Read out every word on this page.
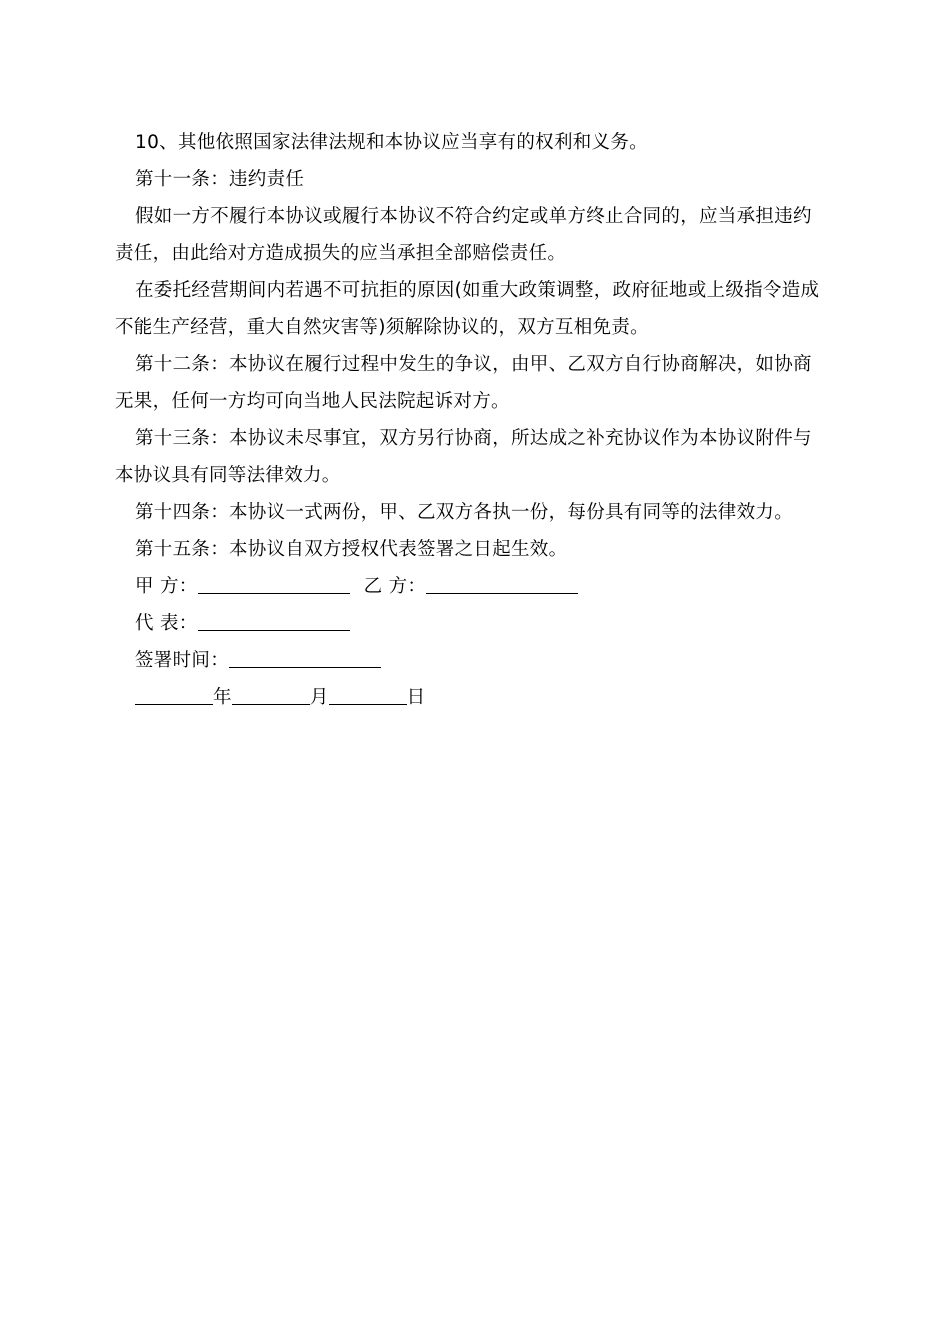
10、其他依照国家法律法规和本协议应当享有的权利和义务。
第十一条：违约责任
假如一方不履行本协议或履行本协议不符合约定或单方终止合同的，应当承担违约
责任，由此给对方造成损失的应当承担全部赔偿责任。
在委托经营期间内若遇不可抗拒的原因(如重大政策调整，政府征地或上级指令造成
不能生产经营，重大自然灾害等)须解除协议的，双方互相免责。
第十二条：本协议在履行过程中发生的争议，由甲、乙双方自行协商解决，如协商
无果，任何一方均可向当地人民法院起诉对方。
第十三条：本协议未尽事宜，双方另行协商，所达成之补充协议作为本协议附件与
本协议具有同等法律效力。
第十四条：本协议一式两份，甲、乙双方各执一份，每份具有同等的法律效力。
第十五条：本协议自双方授权代表签署之日起生效。
甲 方：	乙 方：
代 表：
签署时间：
年	月	日
